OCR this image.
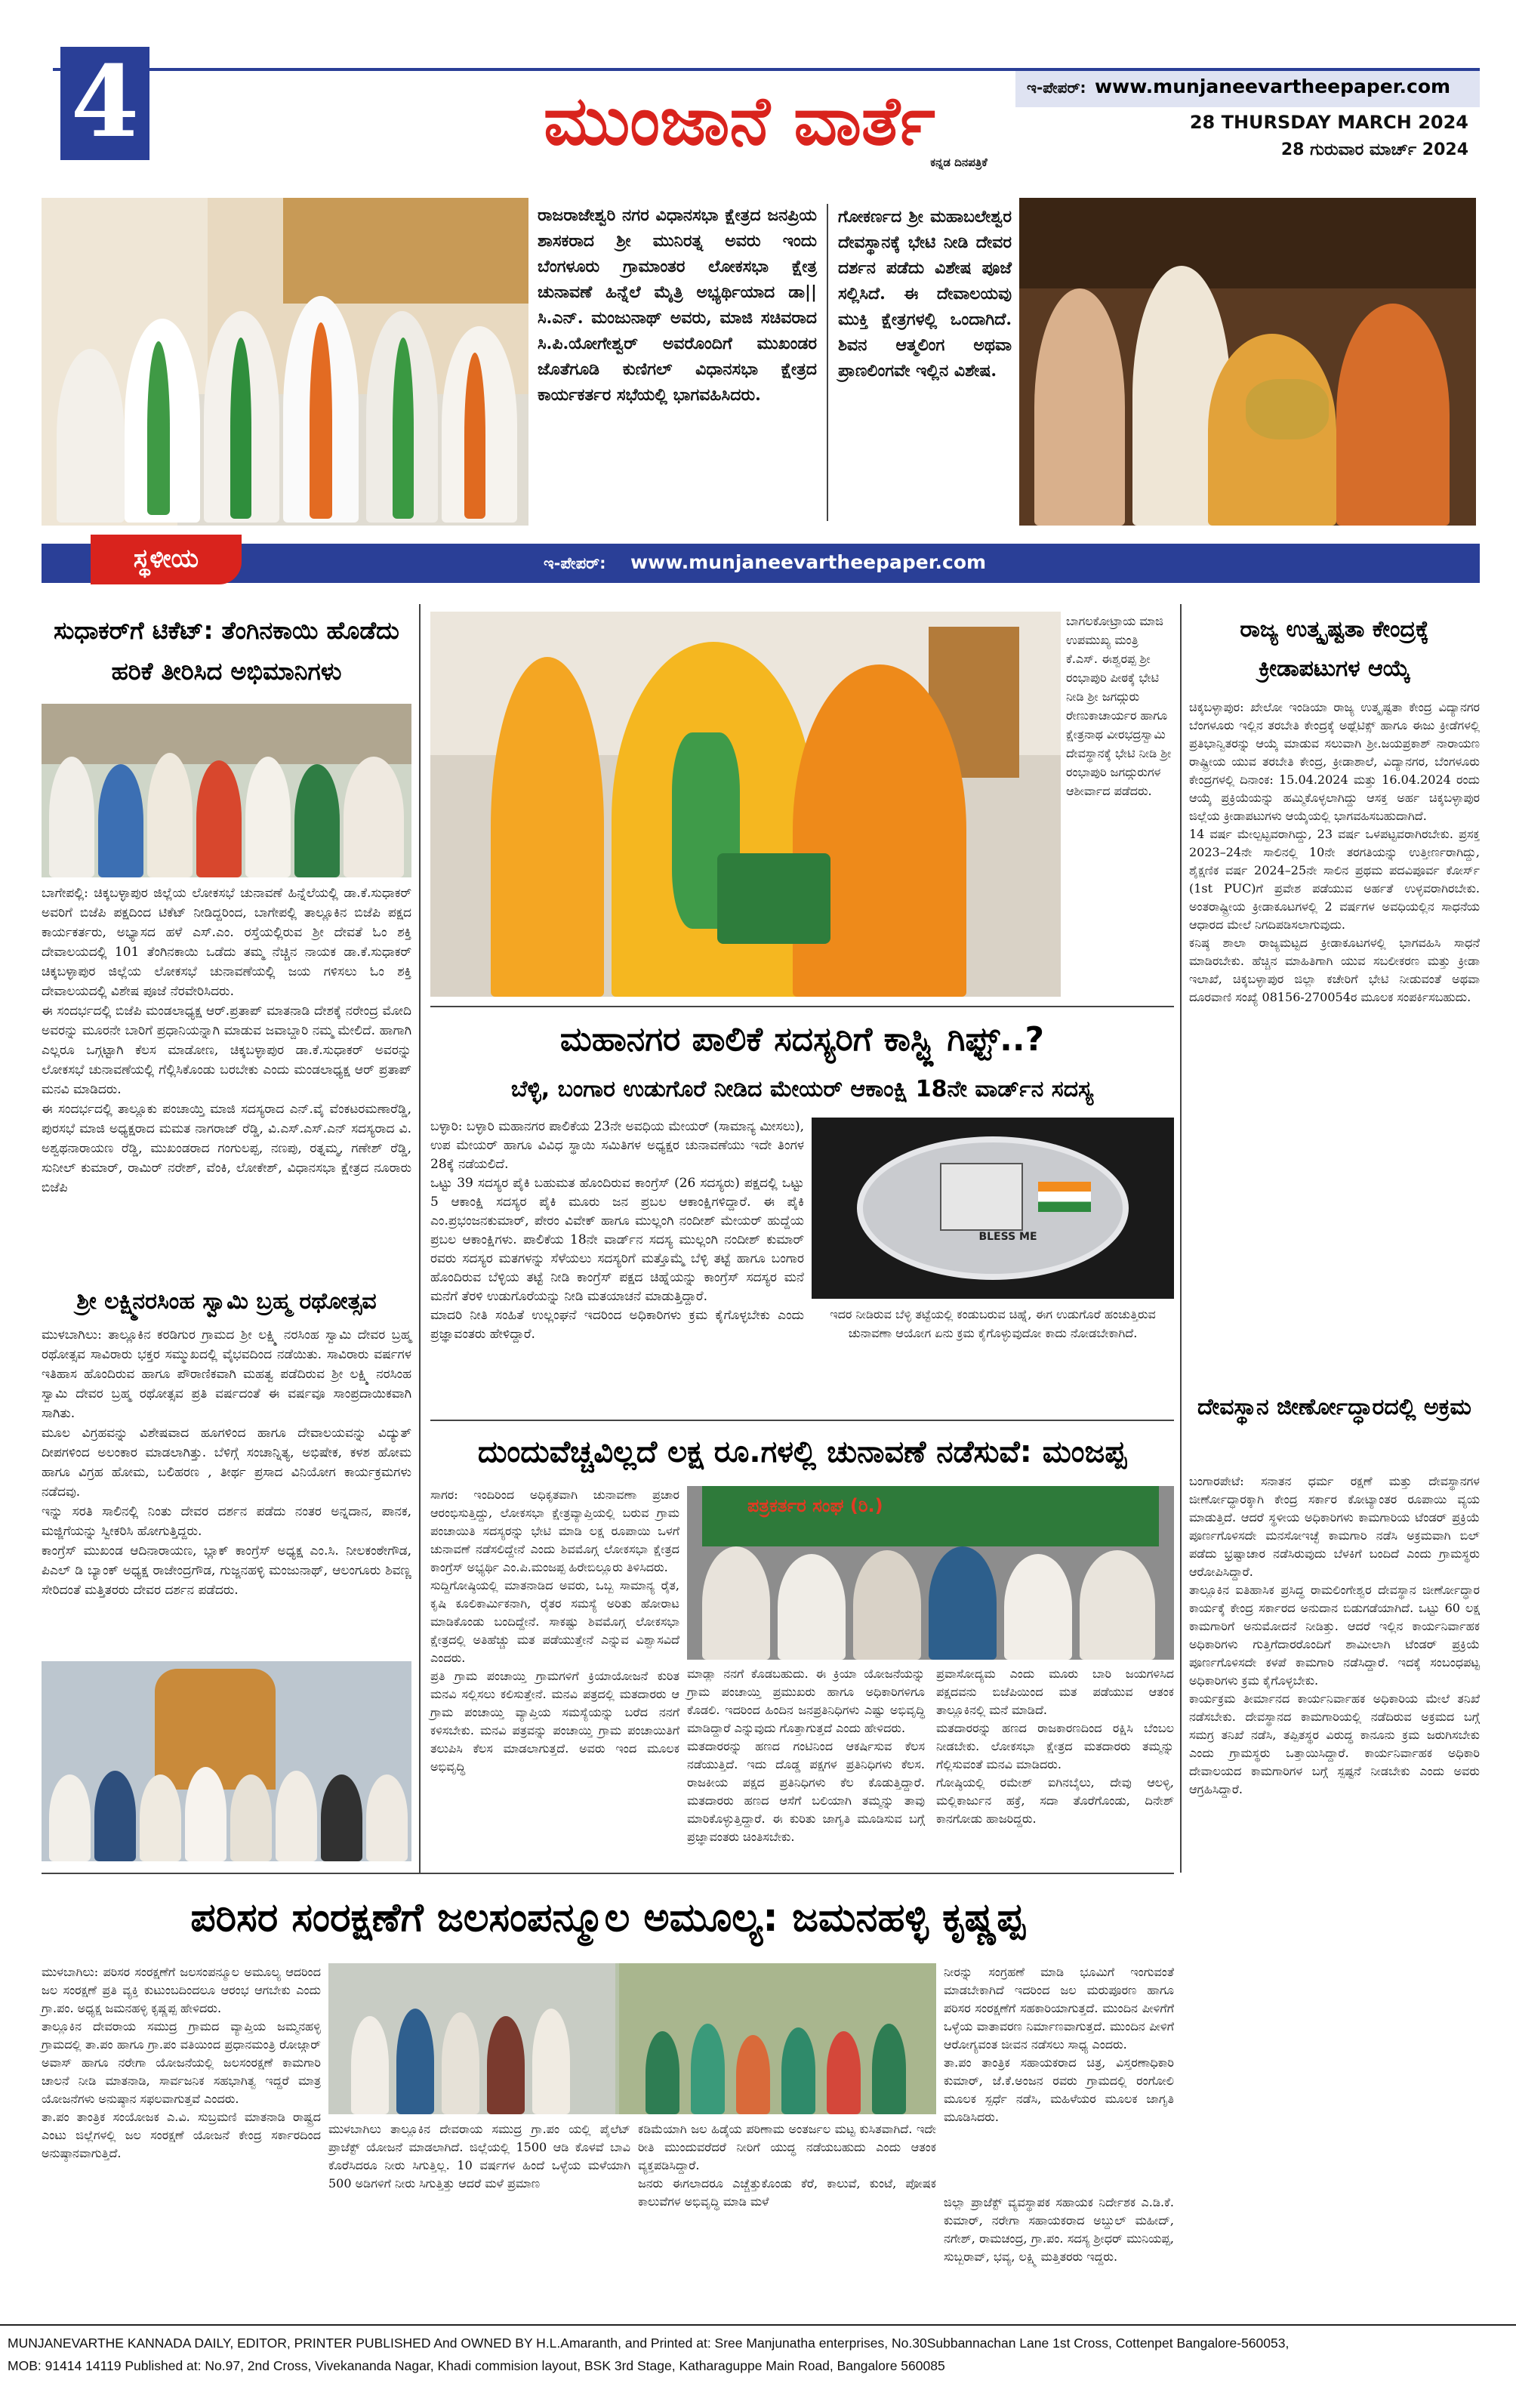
4	ಮುಂಜಾನೆ ವಾರ್ತೆ
ಕನ್ನಡ ದಿನಪತ್ರಿಕೆ
ಇ-ಪೇಪರ್: www.munjaneevartheepaper.com
28 THURSDAY MARCH 2024
28 ಗುರುವಾರ ಮಾರ್ಚ್ 2024
ರಾಜರಾಜೇಶ್ವರಿ ನಗರ ವಿಧಾನಸಭಾ ಕ್ಷೇತ್ರದ ಜನಪ್ರಿಯ ಶಾಸಕರಾದ ಶ್ರೀ ಮುನಿರತ್ನ ಅವರು ಇಂದು ಬೆಂಗಳೂರು ಗ್ರಾಮಾಂತರ ಲೋಕಸಭಾ ಕ್ಷೇತ್ರ ಚುನಾವಣೆ ಹಿನ್ನೆಲೆ ಮೈತ್ರಿ ಅಭ್ಯರ್ಥಿಯಾದ ಡಾ|| ಸಿ.ಎನ್. ಮಂಜುನಾಥ್ ಅವರು, ಮಾಜಿ ಸಚಿವರಾದ ಸಿ.ಪಿ.ಯೋಗೇಶ್ವರ್ ಅವರೊಂದಿಗೆ ಮುಖಂಡರ ಜೊತೆಗೂಡಿ ಕುಣಿಗಲ್ ವಿಧಾನಸಭಾ ಕ್ಷೇತ್ರದ ಕಾರ್ಯಕರ್ತರ ಸಭೆಯಲ್ಲಿ ಭಾಗವಹಿಸಿದರು.
ಗೋಕರ್ಣದ ಶ್ರೀ ಮಹಾಬಲೇಶ್ವರ ದೇವಸ್ಥಾನಕ್ಕೆ ಭೇಟಿ ನೀಡಿ ದೇವರ ದರ್ಶನ ಪಡೆದು ವಿಶೇಷ ಪೂಜೆ ಸಲ್ಲಿಸಿದೆ. ಈ ದೇವಾಲಯವು ಮುಕ್ತಿ ಕ್ಷೇತ್ರಗಳಲ್ಲಿ ಒಂದಾಗಿದೆ. ಶಿವನ ಆತ್ಮಲಿಂಗ ಅಥವಾ ಪ್ರಾಣಲಿಂಗವೇ ಇಲ್ಲಿನ ವಿಶೇಷ.
ಸ್ಥಳೀಯ	ಇ-ಪೇಪರ್:	www.munjaneevartheepaper.com
ಸುಧಾಕರ್‌ಗೆ ಟಿಕೆಟ್: ತೆಂಗಿನಕಾಯಿ ಹೊಡೆದು ಹರಿಕೆ ತೀರಿಸಿದ ಅಭಿಮಾನಿಗಳು
ಬಾಗೇಪಲ್ಲಿ: ಚಿಕ್ಕಬಳ್ಳಾಪುರ ಜಿಲ್ಲೆಯ ಲೋಕಸಭೆ ಚುನಾವಣೆ ಹಿನ್ನೆಲೆಯಲ್ಲಿ ಡಾ.ಕೆ.ಸುಧಾಕರ್ ಅವರಿಗೆ ಬಿಜೆಪಿ ಪಕ್ಷದಿಂದ ಟಿಕೆಟ್ ನೀಡಿದ್ದರಿಂದ, ಬಾಗೇಪಲ್ಲಿ ತಾಲ್ಲೂಕಿನ ಬಿಜೆಪಿ ಪಕ್ಷದ ಕಾರ್ಯಕರ್ತರು, ಅಭ್ಯಾಸದ ಹಳೆ ಎಸ್.ಎಂ. ರಸ್ತೆಯಲ್ಲಿರುವ ಶ್ರೀ ದೇವತೆ ಓಂ ಶಕ್ತಿ ದೇವಾಲಯದಲ್ಲಿ 101 ತೆಂಗಿನಕಾಯಿ ಒಡೆದು ತಮ್ಮ ನೆಚ್ಚಿನ ನಾಯಕ ಡಾ.ಕೆ.ಸುಧಾಕರ್ ಚಿಕ್ಕಬಳ್ಳಾಪುರ ಜಿಲ್ಲೆಯ ಲೋಕಸಭೆ ಚುನಾವಣೆಯಲ್ಲಿ ಜಯ ಗಳಿಸಲು ಓಂ ಶಕ್ತಿ ದೇವಾಲಯದಲ್ಲಿ ವಿಶೇಷ ಪೂಜೆ ನೆರವೇರಿಸಿದರು.
ಈ ಸಂದರ್ಭದಲ್ಲಿ ಬಿಜೆಪಿ ಮಂಡಲಾಧ್ಯಕ್ಷ ಆರ್.ಪ್ರತಾಪ್ ಮಾತನಾಡಿ ದೇಶಕ್ಕೆ ನರೇಂದ್ರ ಮೋದಿ ಅವರನ್ನು ಮೂರನೇ ಬಾರಿಗೆ ಪ್ರಧಾನಿಯನ್ನಾಗಿ ಮಾಡುವ ಜವಾಬ್ದಾರಿ ನಮ್ಮ ಮೇಲಿದೆ. ಹಾಗಾಗಿ ಎಲ್ಲರೂ ಒಗ್ಗಟ್ಟಾಗಿ ಕೆಲಸ ಮಾಡೋಣ, ಚಿಕ್ಕಬಳ್ಳಾಪುರ ಡಾ.ಕೆ.ಸುಧಾಕರ್ ಅವರನ್ನು ಲೋಕಸಭೆ ಚುನಾವಣೆಯಲ್ಲಿ ಗೆಲ್ಲಿಸಿಕೊಂಡು ಬರಬೇಕು ಎಂದು ಮಂಡಲಾಧ್ಯಕ್ಷ ಆರ್ ಪ್ರತಾಪ್ ಮನವಿ ಮಾಡಿದರು.
ಈ ಸಂದರ್ಭದಲ್ಲಿ ತಾಲ್ಲೂಕು ಪಂಚಾಯ್ತಿ ಮಾಜಿ ಸದಸ್ಯರಾದ ಎನ್.ವೈ ವೆಂಕಟರಮಣಾರೆಡ್ಡಿ, ಪುರಸಭೆ ಮಾಜಿ ಅಧ್ಯಕ್ಷರಾದ ಮಮತ ನಾಗರಾಜ್ ರೆಡ್ಡಿ, ವಿ.ಎಸ್.ಎಸ್.ಎನ್ ಸದಸ್ಯರಾದ ವಿ. ಅಶ್ವಥನಾರಾಯಣ ರೆಡ್ಡಿ, ಮುಖಂಡರಾದ ಗಂಗುಲಪ್ಪ, ನಣಪು, ರತ್ನಮ್ಮ, ಗಣೇಶ್ ರೆಡ್ಡಿ, ಸುನೀಲ್ ಕುಮಾರ್, ರಾಮಿರ್ ನರೇಶ್, ವೆಂಕಿ, ಲೋಕೇಶ್, ವಿಧಾನಸಭಾ ಕ್ಷೇತ್ರದ ನೂರಾರು ಬಿಜೆಪಿ
ಶ್ರೀ ಲಕ್ಷ್ಮಿನರಸಿಂಹ ಸ್ವಾಮಿ ಬ್ರಹ್ಮ ರಥೋತ್ಸವ
ಮುಳಬಾಗಿಲು: ತಾಲ್ಲೂಕಿನ ಕರಡಿಗುರ ಗ್ರಾಮದ ಶ್ರೀ ಲಕ್ಷ್ಮಿ ನರಸಿಂಹ ಸ್ವಾಮಿ ದೇವರ ಬ್ರಹ್ಮ ರಥೋತ್ಸವ ಸಾವಿರಾರು ಭಕ್ತರ ಸಮ್ಮುಖದಲ್ಲಿ ವೈಭವದಿಂದ ನಡೆಯಿತು. ಸಾವಿರಾರು ವರ್ಷಗಳ ಇತಿಹಾಸ ಹೊಂದಿರುವ ಹಾಗೂ ಪೌರಾಣಿಕವಾಗಿ ಮಹತ್ವ ಪಡೆದಿರುವ ಶ್ರೀ ಲಕ್ಷ್ಮಿ ನರಸಿಂಹ ಸ್ವಾಮಿ ದೇವರ ಬ್ರಹ್ಮ ರಥೋತ್ಸವ ಪ್ರತಿ ವರ್ಷದಂತೆ ಈ ವರ್ಷವೂ ಸಾಂಪ್ರದಾಯಿಕವಾಗಿ ಸಾಗಿತು.
ಮೂಲ ವಿಗ್ರಹವನ್ನು ವಿಶೇಷವಾದ ಹೂಗಳಿಂದ ಹಾಗೂ ದೇವಾಲಯವನ್ನು ವಿದ್ಯುತ್ ದೀಪಗಳಿಂದ ಅಲಂಕಾರ ಮಾಡಲಾಗಿತ್ತು. ಬೆಳಿಗ್ಗೆ ಸಂಚಾನ್ನಿತ್ಯ, ಅಭಿಷೇಕ, ಕಳಶ ಹೋಮ ಹಾಗೂ ವಿಗ್ರಹ ಹೋಮ, ಬಲಿಹರಣ , ತೀರ್ಥ ಪ್ರಸಾದ ವಿನಿಯೋಗ ಕಾರ್ಯಕ್ರಮಗಳು ನಡೆದವು.
ಇನ್ನು ಸರತಿ ಸಾಲಿನಲ್ಲಿ ನಿಂತು ದೇವರ ದರ್ಶನ ಪಡೆದು ನಂತರ ಅನ್ನದಾನ, ಪಾನಕ, ಮಜ್ಜಿಗೆಯನ್ನು ಸ್ವೀಕರಿಸಿ ಹೋಗುತ್ತಿದ್ದರು.
ಕಾಂಗ್ರೆಸ್ ಮುಖಂಡ ಆದಿನಾರಾಯಣ, ಬ್ಲಾಕ್ ಕಾಂಗ್ರೆಸ್ ಅಧ್ಯಕ್ಷ ಎಂ.ಸಿ. ನೀಲಕಂಠೇಗೌಡ, ಪಿಎಲ್ ಡಿ ಬ್ಯಾಂಕ್ ಅಧ್ಯಕ್ಷ ರಾಜೇಂದ್ರಗೌಡ, ಗುಜ್ಜನಹಳ್ಳಿ ಮಂಜುನಾಥ್, ಆಲಂಗೂರು ಶಿವಣ್ಣ ಸೇರಿದಂತೆ ಮತ್ತಿತರರು ದೇವರ ದರ್ಶನ ಪಡೆದರು.
ಬಾಗಲಕೋಟ್ರಾಯ ಮಾಜಿ ಉಪಮುಖ್ಯ ಮಂತ್ರಿ ಕೆ.ಎಸ್. ಈಶ್ವರಪ್ಪ ಶ್ರೀ ರಂಭಾಪುರಿ ಪೀಠಕ್ಕೆ ಭೇಟಿ ನೀಡಿ ಶ್ರೀ ಜಗದ್ಗುರು ರೇಣುಕಾಚಾರ್ಯರ ಹಾಗೂ ಕ್ಷೇತ್ರನಾಥ ವೀರಭದ್ರಸ್ವಾಮಿ ದೇವಸ್ಥಾನಕ್ಕೆ ಭೇಟಿ ನೀಡಿ ಶ್ರೀ ರಂಭಾಪುರಿ ಜಗದ್ಗುರುಗಳ ಆಶೀರ್ವಾದ ಪಡೆದರು.
ಮಹಾನಗರ ಪಾಲಿಕೆ ಸದಸ್ಯರಿಗೆ ಕಾಸ್ಟ್ಲಿ ಗಿಫ್ಟ್..?
ಬೆಳ್ಳಿ, ಬಂಗಾರ ಉಡುಗೊರೆ ನೀಡಿದ ಮೇಯರ್ ಆಕಾಂಕ್ಷಿ 18ನೇ ವಾರ್ಡ್‌ನ ಸದಸ್ಯ
ಬಳ್ಳಾರಿ: ಬಳ್ಳಾರಿ ಮಹಾನಗರ ಪಾಲಿಕೆಯ 23ನೇ ಅವಧಿಯ ಮೇಯರ್ (ಸಾಮಾನ್ಯ ಮೀಸಲು), ಉಪ ಮೇಯರ್ ಹಾಗೂ ವಿವಿಧ ಸ್ಥಾಯಿ ಸಮಿತಿಗಳ ಅಧ್ಯಕ್ಷರ ಚುನಾವಣೆಯು ಇದೇ ತಿಂಗಳ 28ಕ್ಕೆ ನಡೆಯಲಿದೆ.
ಒಟ್ಟು 39 ಸದಸ್ಯರ ಪೈಕಿ ಬಹುಮತ ಹೊಂದಿರುವ ಕಾಂಗ್ರೆಸ್ (26 ಸದಸ್ಯರು) ಪಕ್ಷದಲ್ಲಿ ಒಟ್ಟು 5 ಆಕಾಂಕ್ಷಿ ಸದಸ್ಯರ ಪೈಕಿ ಮೂರು ಜನ ಪ್ರಬಲ ಆಕಾಂಕ್ಷಿಗಳಿದ್ದಾರೆ. ಈ ಪೈಕಿ ಎಂ.ಪ್ರಭಂಜನಕುಮಾರ್, ಪೇರಂ ವಿವೇಕ್ ಹಾಗೂ ಮುಲ್ಲಂಗಿ ನಂದೀಶ್ ಮೇಯರ್ ಹುದ್ದೆಯ ಪ್ರಬಲ ಆಕಾಂಕ್ಷಿಗಳು. ಪಾಲಿಕೆಯ 18ನೇ ವಾರ್ಡ್‌ನ ಸದಸ್ಯ ಮುಲ್ಲಂಗಿ ನಂದೀಶ್ ಕುಮಾರ್ ರವರು ಸದಸ್ಯರ ಮತಗಳನ್ನು ಸೆಳೆಯಲು ಸದಸ್ಯರಿಗೆ ಮತ್ತೊಮ್ಮೆ ಬೆಳ್ಳಿ ತಟ್ಟೆ ಹಾಗೂ ಬಂಗಾರ ಹೊಂದಿರುವ ಬೆಳ್ಳಿಯ ತಟ್ಟೆ ನೀಡಿ ಕಾಂಗ್ರೆಸ್ ಪಕ್ಷದ ಚಿಹ್ನೆಯನ್ನು ಕಾಂಗ್ರೆಸ್ ಸದಸ್ಯರ ಮನೆ ಮನೆಗೆ ತೆರಳಿ ಉಡುಗೊರೆಯನ್ನು ನೀಡಿ ಮತಯಾಚನೆ ಮಾಡುತ್ತಿದ್ದಾರೆ.
ಮಾದರಿ ನೀತಿ ಸಂಹಿತೆ ಉಲ್ಲಂಘನೆ ಇದರಿಂದ ಅಧಿಕಾರಿಗಳು ಕ್ರಮ ಕೈಗೊಳ್ಳಬೇಕು ಎಂದು ಪ್ರಜ್ಞಾವಂತರು ಹೇಳಿದ್ದಾರೆ.
BLESS ME
ಇದರ ನೀಡಿರುವ ಬೆಳ್ಳಿ ತಟ್ಟೆಯಲ್ಲಿ ಕಂಡುಬರುವ ಚಿಹ್ನೆ, ಈಗ ಉಡುಗೊರೆ ಹಂಚುತ್ತಿರುವ ಚುನಾವಣಾ ಆಯೋಗ ಏನು ಕ್ರಮ ಕೈಗೊಳ್ಳುವುದೋ ಕಾದು ನೋಡಬೇಕಾಗಿದೆ.
ದುಂದುವೆಚ್ಚವಿಲ್ಲದೆ ಲಕ್ಷ ರೂ.ಗಳಲ್ಲಿ ಚುನಾವಣೆ ನಡೆಸುವೆ: ಮಂಜಪ್ಪ
ಸಾಗರ: ಇಂದಿರಿಂದ ಅಧಿಕೃತವಾಗಿ ಚುನಾವಣಾ ಪ್ರಚಾರ ಆರಂಭಿಸುತ್ತಿದ್ದು, ಲೋಕಸಭಾ ಕ್ಷೇತ್ರವ್ಯಾಪ್ತಿಯಲ್ಲಿ ಬರುವ ಗ್ರಾಮ ಪಂಚಾಯಿತಿ ಸದಸ್ಯರನ್ನು ಭೇಟಿ ಮಾಡಿ ಲಕ್ಷ ರೂಪಾಯಿ ಒಳಗೆ ಚುನಾವಣೆ ನಡೆಸಲಿದ್ದೇನೆ ಎಂದು ಶಿವಮೊಗ್ಗ ಲೋಕಸಭಾ ಕ್ಷೇತ್ರದ ಕಾಂಗ್ರೆಸ್ ಅಭ್ಯರ್ಥಿ ಎಂ.ಪಿ.ಮಂಜಪ್ಪ ಹಿರೇಬಿಲ್ಲೂರು ತಿಳಿಸಿದರು.
ಸುದ್ದಿಗೋಷ್ಠಿಯಲ್ಲಿ ಮಾತನಾಡಿದ ಅವರು, ಒಬ್ಬ ಸಾಮಾನ್ಯ ರೈತ, ಕೃಷಿ ಕೂಲಿಕಾರ್ಮಿಕನಾಗಿ, ರೈತರ ಸಮಸ್ಯೆ ಅರಿತು ಹೋರಾಟ ಮಾಡಿಕೊಂಡು ಬಂದಿದ್ದೇನೆ. ಸಾಕಷ್ಟು ಶಿವಮೊಗ್ಗ ಲೋಕಸಭಾ ಕ್ಷೇತ್ರದಲ್ಲಿ ಅತಿಹೆಚ್ಚು ಮತ ಪಡೆಯುತ್ತೇನೆ ಎನ್ನುವ ವಿಶ್ವಾಸವಿದೆ ಎಂದರು.
ಪ್ರತಿ ಗ್ರಾಮ ಪಂಚಾಯ್ತಿ ಗ್ರಾಮಗಳಿಗೆ ಕ್ರಿಯಾಯೋಜನೆ ಕುರಿತ ಮನವಿ ಸಲ್ಲಿಸಲು ಕಲಿಸುತ್ತೇನೆ. ಮನವಿ ಪತ್ರದಲ್ಲಿ ಮತದಾರರು ಆ ಗ್ರಾಮ ಪಂಚಾಯ್ತಿ ವ್ಯಾಪ್ತಿಯ ಸಮಸ್ಯೆಯನ್ನು ಬರೆದ ನನಗೆ ಕಳಿಸಬೇಕು. ಮನವಿ ಪತ್ರವನ್ನು ಪಂಚಾಯ್ತಿ ಗ್ರಾಮ ಪಂಚಾಯಿತಿಗೆ ತಲುಪಿಸಿ ಕೆಲಸ ಮಾಡಲಾಗುತ್ತದೆ. ಅವರು ಇಂದ ಮೂಲಕ ಅಭಿವೃದ್ಧಿ
ಪತ್ರಕರ್ತರ ಸಂಘ (ರಿ.)
ಮಾಡ್ಲಾ ನನಗೆ ಕೊಡಬಹುದು. ಈ ಕ್ರಿಯಾ ಯೋಜನೆಯನ್ನು ಗ್ರಾಮ ಪಂಚಾಯ್ತಿ ಪ್ರಮುಖರು ಹಾಗೂ ಅಧಿಕಾರಿಗಳಿಗೂ ಕೊಡಲಿ. ಇದರಿಂದ ಹಿಂದಿನ ಜನಪ್ರತಿನಿಧಿಗಳು ಎಷ್ಟು ಅಭಿವೃದ್ಧಿ ಮಾಡಿದ್ದಾರೆ ಎನ್ನುವುದು ಗೊತ್ತಾಗುತ್ತದೆ ಎಂದು ಹೇಳಿದರು.
ಮತದಾರರನ್ನು ಹಣದ ಗಂಟಿನಿಂದ ಆಕರ್ಷಿಸುವ ಕೆಲಸ ನಡೆಯುತ್ತಿದೆ. ಇದು ದೊಡ್ಡ ಪಕ್ಷಗಳ ಪ್ರತಿನಿಧಿಗಳು ಕೆಲಸ. ರಾಜಕೀಯ ಪಕ್ಷದ ಪ್ರತಿನಿಧಿಗಳು ಕೆಲ ಕೊಡುತ್ತಿದ್ದಾರೆ. ಮತದಾರರು ಹಣದ ಆಸೆಗೆ ಬಲಿಯಾಗಿ ತಮ್ಮನ್ನು ತಾವು ಮಾರಿಕೊಳ್ಳುತ್ತಿದ್ದಾರೆ. ಈ ಕುರಿತು ಜಾಗೃತಿ ಮೂಡಿಸುವ ಬಗ್ಗೆ ಪ್ರಜ್ಞಾವಂತರು ಚಿಂತಿಸಬೇಕು.
ಪ್ರವಾಸೋದ್ಯಮ ಎಂದು ಮೂರು ಬಾರಿ ಜಯಗಳಿಸಿದ ಪಕ್ಷದವನು ಬಿಜೆಪಿಯಿಂದ ಮತ ಪಡೆಯುವ ಆತಂಕ ತಾಲ್ಲೂಕಿನಲ್ಲಿ ಮನೆ ಮಾಡಿದೆ.
ಮತದಾರರನ್ನು ಹಣದ ರಾಜಕಾರಣದಿಂದ ರಕ್ಷಿಸಿ ಬೆಂಬಲ ನೀಡಬೇಕು. ಲೋಕಸಭಾ ಕ್ಷೇತ್ರದ ಮತದಾರರು ತಮ್ಮನ್ನು ಗೆಲ್ಲಿಸುವಂತೆ ಮನವಿ ಮಾಡಿದರು.
ಗೋಷ್ಠಿಯಲ್ಲಿ ರಮೇಶ್ ಐಗಿನಬೈಲು, ದೇವು ಆಲಳ್ಳಿ, ಮಲ್ಲಿಕಾರ್ಜುನ ಹಕ್ರೆ, ಸದಾ ತೊರೆಗೊಂಡು, ದಿನೇಶ್ ಕಾನಗೋಡು ಹಾಜರಿದ್ದರು.
ರಾಜ್ಯ ಉತ್ಕೃಷ್ಟತಾ ಕೇಂದ್ರಕ್ಕೆ ಕ್ರೀಡಾಪಟುಗಳ ಆಯ್ಕೆ
ಚಿಕ್ಕಬಳ್ಳಾಪುರ: ಖೇಲೋ ಇಂಡಿಯಾ ರಾಜ್ಯ ಉತ್ಕೃಷ್ಟತಾ ಕೇಂದ್ರ ವಿದ್ಯಾನಗರ ಬೆಂಗಳೂರು ಇಲ್ಲಿನ ತರಬೇತಿ ಕೇಂದ್ರಕ್ಕೆ ಅಥ್ಲೆಟಿಕ್ಸ್ ಹಾಗೂ ಈಜು ಕ್ರೀಡೆಗಳಲ್ಲಿ ಪ್ರತಿಭಾನ್ವಿತರನ್ನು ಆಯ್ಕೆ ಮಾಡುವ ಸಲುವಾಗಿ ಶ್ರೀ.ಜಯಪ್ರಕಾಶ್ ನಾರಾಯಣ ರಾಷ್ಟ್ರೀಯ ಯುವ ತರಬೇತಿ ಕೇಂದ್ರ, ಕ್ರೀಡಾಶಾಲೆ, ವಿದ್ಯಾನಗರ, ಬೆಂಗಳೂರು ಕೇಂದ್ರಗಳಲ್ಲಿ ದಿನಾಂಕ: 15.04.2024 ಮತ್ತು 16.04.2024 ರಂದು ಆಯ್ಕೆ ಪ್ರಕ್ರಿಯೆಯನ್ನು ಹಮ್ಮಿಕೊಳ್ಳಲಾಗಿದ್ದು ಆಸಕ್ತ ಅರ್ಹ ಚಿಕ್ಕಬಳ್ಳಾಪುರ ಜಿಲ್ಲೆಯ ಕ್ರೀಡಾಪಟುಗಳು ಆಯ್ಕೆಯಲ್ಲಿ ಭಾಗವಹಿಸಬಹುದಾಗಿದೆ.
14 ವರ್ಷ ಮೇಲ್ಪಟ್ಟವರಾಗಿದ್ದು, 23 ವರ್ಷ ಒಳಪಟ್ಟವರಾಗಿರಬೇಕು. ಪ್ರಸಕ್ತ 2023–24ನೇ ಸಾಲಿನಲ್ಲಿ 10ನೇ ತರಗತಿಯನ್ನು ಉತ್ತೀರ್ಣರಾಗಿದ್ದು, ಶೈಕ್ಷಣಿಕ ವರ್ಷ 2024–25ನೇ ಸಾಲಿನ ಪ್ರಥಮ ಪದವಿಪೂರ್ವ ಕೋರ್ಸ್ (1st PUC)ಗೆ ಪ್ರವೇಶ ಪಡೆಯುವ ಅರ್ಹತೆ ಉಳ್ಳವರಾಗಿರಬೇಕು. ಅಂತರಾಷ್ಟ್ರೀಯ ಕ್ರೀಡಾಕೂಟಗಳಲ್ಲಿ 2 ವರ್ಷಗಳ ಅವಧಿಯಲ್ಲಿನ ಸಾಧನೆಯ ಆಧಾರದ ಮೇಲೆ ನಿಗದಿಪಡಿಸಲಾಗುವುದು.
ಕನಿಷ್ಠ ಶಾಲಾ ರಾಜ್ಯಮಟ್ಟದ ಕ್ರೀಡಾಕೂಟಗಳಲ್ಲಿ ಭಾಗವಹಿಸಿ ಸಾಧನೆ ಮಾಡಿರಬೇಕು. ಹೆಚ್ಚಿನ ಮಾಹಿತಿಗಾಗಿ ಯುವ ಸಬಲೀಕರಣ ಮತ್ತು ಕ್ರೀಡಾ ಇಲಾಖೆ, ಚಿಕ್ಕಬಳ್ಳಾಪುರ ಜಿಲ್ಲಾ ಕಚೇರಿಗೆ ಭೇಟಿ ನೀಡುವಂತೆ ಅಥವಾ ದೂರವಾಣಿ ಸಂಖ್ಯೆ 08156-270054ರ ಮೂಲಕ ಸಂಪರ್ಕಿಸಬಹುದು.
ದೇವಸ್ಥಾನ ಜೀರ್ಣೋದ್ಧಾರದಲ್ಲಿ ಅಕ್ರಮ
ಬಂಗಾರಪೇಟೆ: ಸನಾತನ ಧರ್ಮ ರಕ್ಷಣೆ ಮತ್ತು ದೇವಸ್ಥಾನಗಳ ಜೀರ್ಣೋದ್ಧಾರಕ್ಕಾಗಿ ಕೇಂದ್ರ ಸರ್ಕಾರ ಕೋಟ್ಯಾಂತರ ರೂಪಾಯಿ ವ್ಯಯ ಮಾಡುತ್ತಿದೆ. ಆದರೆ ಸ್ಥಳೀಯ ಅಧಿಕಾರಿಗಳು ಕಾಮಗಾರಿಯ ಟೆಂಡರ್ ಪ್ರಕ್ರಿಯೆ ಪೂರ್ಣಗೊಳಿಸದೇ ಮನಸೋಇಚ್ಛೆ ಕಾಮಗಾರಿ ನಡೆಸಿ ಅಕ್ರಮವಾಗಿ ಬಿಲ್ ಪಡೆದು ಭ್ರಷ್ಟಾಚಾರ ನಡೆಸಿರುವುದು ಬೆಳಕಿಗೆ ಬಂದಿದೆ ಎಂದು ಗ್ರಾಮಸ್ಥರು ಆರೋಪಿಸಿದ್ದಾರೆ.
ತಾಲ್ಲೂಕಿನ ಐತಿಹಾಸಿಕ ಪ್ರಸಿದ್ಧ ರಾಮಲಿಂಗೇಶ್ವರ ದೇವಸ್ಥಾನ ಜೀರ್ಣೋದ್ಧಾರ ಕಾರ್ಯಕ್ಕೆ ಕೇಂದ್ರ ಸರ್ಕಾರದ ಅನುದಾನ ಬಿಡುಗಡೆಯಾಗಿದೆ. ಒಟ್ಟು 60 ಲಕ್ಷ ಕಾಮಗಾರಿಗೆ ಅನುಮೋದನೆ ನೀಡಿತ್ತು. ಆದರೆ ಇಲ್ಲಿನ ಕಾರ್ಯನಿರ್ವಾಹಕ ಅಧಿಕಾರಿಗಳು ಗುತ್ತಿಗೆದಾರರೊಂದಿಗೆ ಶಾಮೀಲಾಗಿ ಟೆಂಡರ್ ಪ್ರಕ್ರಿಯೆ ಪೂರ್ಣಗೊಳಿಸದೇ ಕಳಪೆ ಕಾಮಗಾರಿ ನಡೆಸಿದ್ದಾರೆ. ಇದಕ್ಕೆ ಸಂಬಂಧಪಟ್ಟ ಅಧಿಕಾರಿಗಳು ಕ್ರಮ ಕೈಗೊಳ್ಳಬೇಕು.
ಕಾರ್ಯಕ್ರಮ ತೀರ್ಮಾನದ ಕಾರ್ಯನಿರ್ವಾಹಕ ಅಧಿಕಾರಿಯ ಮೇಲೆ ತನಿಖೆ ನಡೆಸಬೇಕು. ದೇವಸ್ಥಾನದ ಕಾಮಗಾರಿಯಲ್ಲಿ ನಡೆದಿರುವ ಅಕ್ರಮದ ಬಗ್ಗೆ ಸಮಗ್ರ ತನಿಖೆ ನಡೆಸಿ, ತಪ್ಪಿತಸ್ಥರ ವಿರುದ್ಧ ಕಾನೂನು ಕ್ರಮ ಜರುಗಿಸಬೇಕು ಎಂದು ಗ್ರಾಮಸ್ಥರು ಒತ್ತಾಯಿಸಿದ್ದಾರೆ. ಕಾರ್ಯನಿರ್ವಾಹಕ ಅಧಿಕಾರಿ ದೇವಾಲಯದ ಕಾಮಗಾರಿಗಳ ಬಗ್ಗೆ ಸ್ಪಷ್ಟನೆ ನೀಡಬೇಕು ಎಂದು ಅವರು ಆಗ್ರಹಿಸಿದ್ದಾರೆ.
ಪರಿಸರ ಸಂರಕ್ಷಣೆಗೆ ಜಲಸಂಪನ್ಮೂಲ ಅಮೂಲ್ಯ: ಜಮನಹಳ್ಳಿ ಕೃಷ್ಣಪ್ಪ
ಮುಳಬಾಗಿಲು: ಪರಿಸರ ಸಂರಕ್ಷಣೆಗೆ ಜಲಸಂಪನ್ಮೂಲ ಅಮೂಲ್ಯ ಆದರಿಂದ ಜಲ ಸಂರಕ್ಷಣೆ ಪ್ರತಿ ವ್ಯಕ್ತಿ ಕುಟುಂಬದಿಂದಲೂ ಆರಂಭ ಆಗಬೇಕು ಎಂದು ಗ್ರಾ.ಪಂ. ಅಧ್ಯಕ್ಷ ಜಮನಹಳ್ಳಿ ಕೃಷ್ಣಪ್ಪ ಹೇಳಿದರು.
ತಾಲ್ಲೂಕಿನ ದೇವರಾಯ ಸಮುದ್ರ ಗ್ರಾಮದ ವ್ಯಾಪ್ತಿಯ ಜಮ್ಮನಹಳ್ಳಿ ಗ್ರಾಮದಲ್ಲಿ ತಾ.ಪಂ ಹಾಗೂ ಗ್ರಾ.ಪಂ ವತಿಯಿಂದ ಪ್ರಧಾನಮಂತ್ರಿ ರೋಜ್ಗಾರ್ ಅವಾಸ್ ಹಾಗೂ ನರೇಗಾ ಯೋಜನೆಯಲ್ಲಿ ಜಲಸಂರಕ್ಷಣೆ ಕಾಮಗಾರಿ ಚಾಲನೆ ನೀಡಿ ಮಾತನಾಡಿ, ಸಾರ್ವಜನಿಕ ಸಹಭಾಗಿತ್ವ ಇದ್ದರೆ ಮಾತ್ರ ಯೋಜನೆಗಳು ಅನುಷ್ಠಾನ ಸಫಲವಾಗುತ್ತವೆ ಎಂದರು.
ತಾ.ಪಂ ತಾಂತ್ರಿಕ ಸಂಯೋಜಕ ಎ.ವಿ. ಸುಬ್ರಮಣಿ ಮಾತನಾಡಿ ರಾಷ್ಟ್ರದ ಎಂಟು ಜಿಲ್ಲೆಗಳಲ್ಲಿ ಜಲ ಸಂರಕ್ಷಣೆ ಯೋಜನೆ ಕೇಂದ್ರ ಸರ್ಕಾರದಿಂದ ಅನುಷ್ಠಾನವಾಗುತ್ತಿದೆ.
ಮುಳಬಾಗಿಲು ತಾಲ್ಲೂಕಿನ ದೇವರಾಯ ಸಮುದ್ರ ಗ್ರಾ.ಪಂ ಯಲ್ಲಿ ಪೈಲೆಟ್ ಪ್ರಾಜೆಕ್ಟ್ ಯೋಜನೆ ಮಾಡಲಾಗಿದೆ. ಜಿಲ್ಲೆಯಲ್ಲಿ 1500 ಆಡಿ ಕೊಳವೆ ಬಾವಿ ಕೊರೆಸಿದರೂ ನೀರು ಸಿಗುತ್ತಿಲ್ಲ. 10 ವರ್ಷಗಳ ಹಿಂದೆ ಒಳ್ಳೆಯ ಮಳೆಯಾಗಿ 500 ಅಡಿಗಳಿಗೆ ನೀರು ಸಿಗುತ್ತಿತ್ತು ಆದರೆ ಮಳೆ ಪ್ರಮಾಣ
ಕಡಿಮೆಯಾಗಿ ಜಲ ಹಿಡ್ಕೆಯ ಪರಿಣಾಮ ಅಂತರ್ಜಲ ಮಟ್ಟ ಕುಸಿತವಾಗಿದೆ. ಇದೇ ರೀತಿ ಮುಂದುವರೆದರೆ ನೀರಿಗೆ ಯುದ್ಧ ನಡೆಯಬಹುದು ಎಂದು ಆತಂಕ ವ್ಯಕ್ತಪಡಿಸಿದ್ದಾರೆ.
ಜನರು ಈಗಲಾದರೂ ಎಚ್ಚೆತ್ತುಕೊಂಡು ಕೆರೆ, ಕಾಲುವೆ, ಕುಂಟೆ, ಪೋಷಕ ಕಾಲುವೆಗಳ ಅಭಿವೃದ್ಧಿ ಮಾಡಿ ಮಳೆ
ನೀರನ್ನು ಸಂಗ್ರಹಣೆ ಮಾಡಿ ಭೂಮಿಗೆ ಇಂಗುವಂತೆ ಮಾಡಬೇಕಾಗಿದೆ ಇದರಿಂದ ಜಲ ಮರುಪೂರಣ ಹಾಗೂ ಪರಿಸರ ಸಂರಕ್ಷಣೆಗೆ ಸಹಕಾರಿಯಾಗುತ್ತದೆ. ಮುಂದಿನ ಪೀಳಿಗೆಗೆ ಒಳ್ಳೆಯ ವಾತಾವರಣ ನಿರ್ಮಾಣವಾಗುತ್ತದೆ. ಮುಂದಿನ ಪೀಳಿಗೆ ಆರೋಗ್ಯವಂತ ಜೀವನ ನಡೆಸಲು ಸಾಧ್ಯ ಎಂದರು.
ತಾ.ಪಂ ತಾಂತ್ರಿಕ ಸಹಾಯಕರಾದ ಚಿತ್ರ, ವಿಸ್ತರಣಾಧಿಕಾರಿ ಕುಮಾರ್, ಜೆ.ಕೆ.ಅಂಜನ ರವರು ಗ್ರಾಮದಲ್ಲಿ ರಂಗೋಲಿ ಮೂಲಕ ಸ್ಪರ್ಧೆ ನಡೆಸಿ, ಮಹಿಳೆಯರ ಮೂಲಕ ಜಾಗೃತಿ ಮೂಡಿಸಿದರು.
ಜಿಲ್ಲಾ ಪ್ರಾಜೆಕ್ಟ್ ವ್ಯವಸ್ಥಾಪಕ ಸಹಾಯಕ ನಿರ್ದೇಶಕ ಎ.ಡಿ.ಕೆ. ಕುಮಾರ್, ನರೇಗಾ ಸಹಾಯಕರಾದ ಅಬ್ದುಲ್ ಮಹೀದ್, ನಗೇಶ್, ರಾಮಚಂದ್ರ, ಗ್ರಾ.ಪಂ. ಸದಸ್ಯ ಶ್ರೀಧರ್ ಮುನಿಯಪ್ಪ, ಸುಬ್ಬರಾವ್, ಭವ್ಯ, ಲಕ್ಷ್ಮಿ ಮತ್ತಿತರರು ಇದ್ದರು.
MUNJANEVARTHE KANNADA DAILY, EDITOR, PRINTER PUBLISHED And OWNED BY H.L.Amaranth, and Printed at: Sree Manjunatha enterprises, No.30Subbannachan Lane 1st Cross, Cottenpet Bangalore-560053,
MOB: 91414 14119 Published at: No.97, 2nd Cross, Vivekananda Nagar, Khadi commision layout, BSK 3rd Stage, Katharaguppe Main Road, Bangalore 560085
